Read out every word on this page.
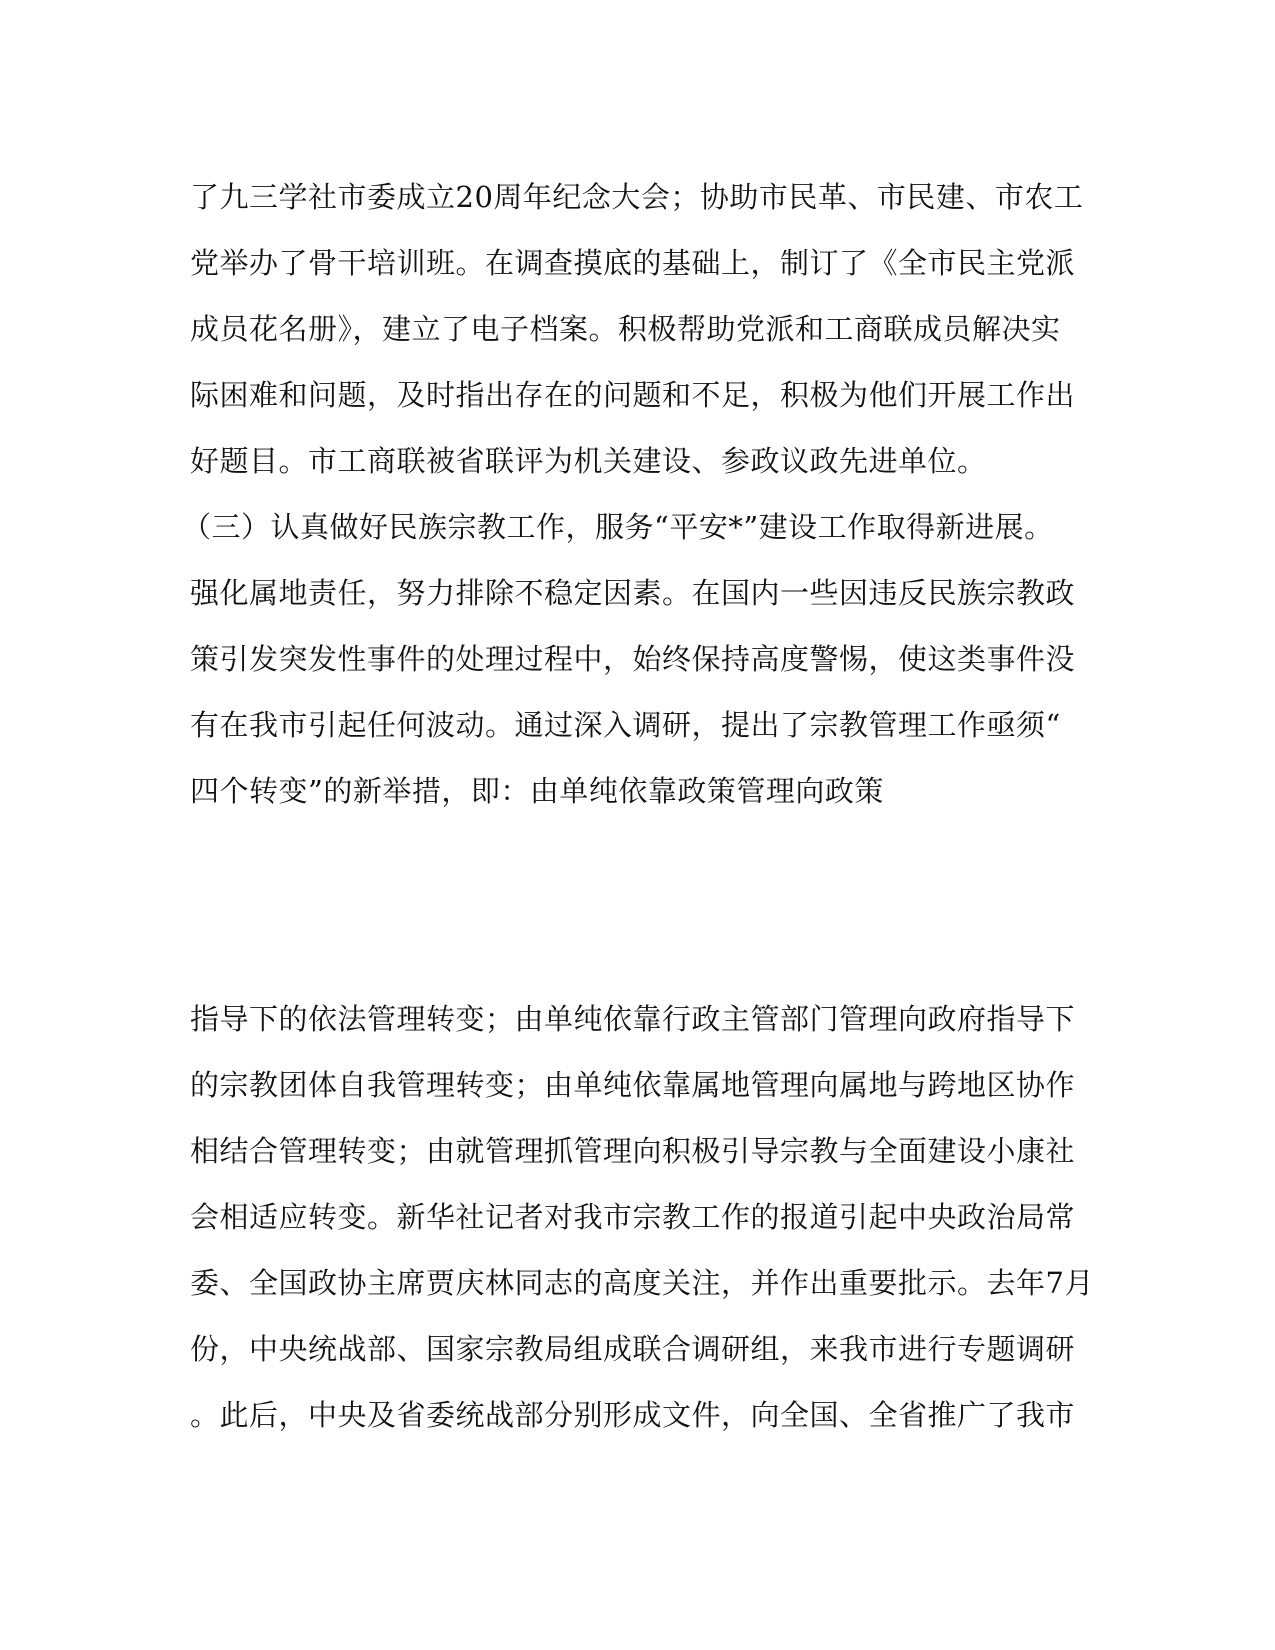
了九三学社市委成立20周年纪念大会；协助市民革、市民建、市农工
党举办了骨干培训班。在调查摸底的基础上，制订了《全市民主党派
成员花名册》，建立了电子档案。积极帮助党派和工商联成员解决实
际困难和问题，及时指出存在的问题和不足，积极为他们开展工作出
好题目。市工商联被省联评为机关建设、参政议政先进单位。
（三）认真做好民族宗教工作，服务“平安*”建设工作取得新进展。
强化属地责任，努力排除不稳定因素。在国内一些因违反民族宗教政
策引发突发性事件的处理过程中，始终保持高度警惕，使这类事件没
有在我市引起任何波动。通过深入调研，提出了宗教管理工作亟须“
四个转变”的新举措，即：由单纯依靠政策管理向政策
指导下的依法管理转变；由单纯依靠行政主管部门管理向政府指导下
的宗教团体自我管理转变；由单纯依靠属地管理向属地与跨地区协作
相结合管理转变；由就管理抓管理向积极引导宗教与全面建设小康社
会相适应转变。新华社记者对我市宗教工作的报道引起中央政治局常
委、全国政协主席贾庆林同志的高度关注，并作出重要批示。去年7月
份，中央统战部、国家宗教局组成联合调研组，来我市进行专题调研
。此后，中央及省委统战部分别形成文件，向全国、全省推广了我市
